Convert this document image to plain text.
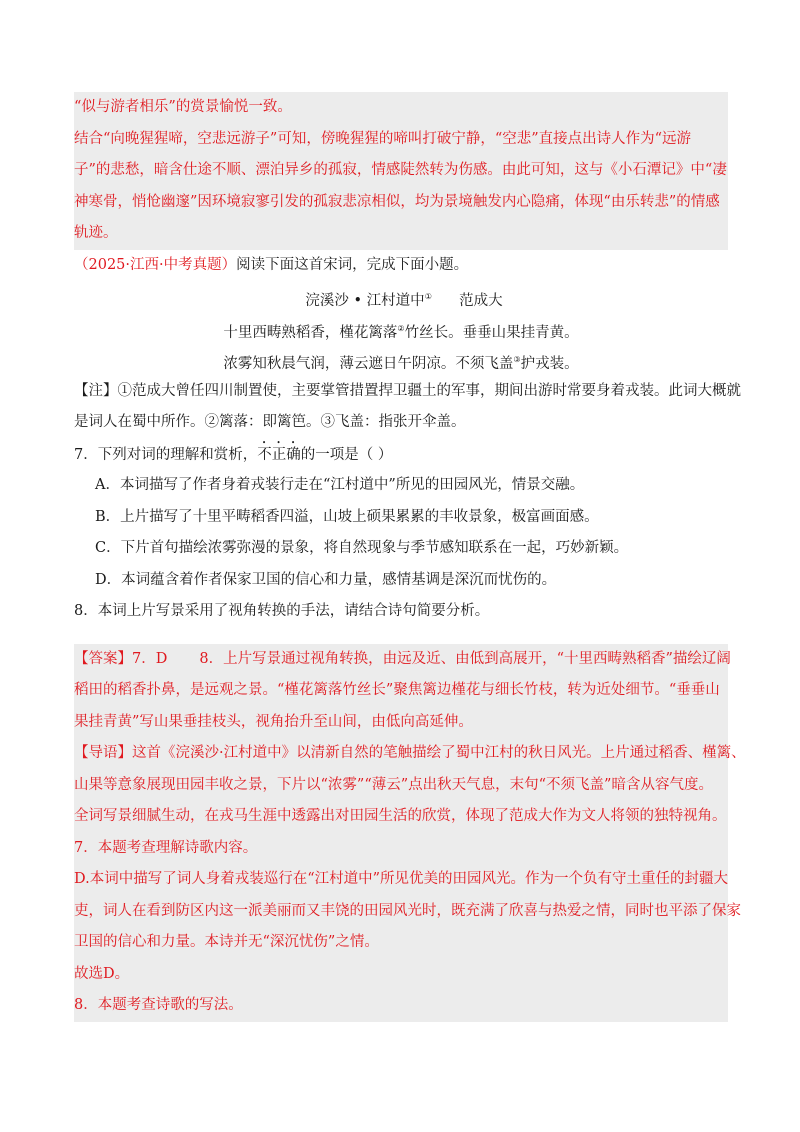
“似与游者相乐”的赏景愉悦一致。
结合“向晚猩猩啼，空悲远游子”可知，傍晚猩猩的啼叫打破宁静，“空悲”直接点出诗人作为“远游
子”的悲愁，暗含仕途不顺、漂泊异乡的孤寂，情感陡然转为伤感。由此可知，这与《小石潭记》中“凄
神寒骨，悄怆幽邃”因环境寂寥引发的孤寂悲凉相似，均为景境触发内心隐痛，体现“由乐转悲”的情感
轨迹。
（2025·江西·中考真题）阅读下面这首宋词，完成下面小题。
浣溪沙 • 江村道中① 范成大
十里西畴熟稻香，槿花篱落②竹丝长。垂垂山果挂青黄。
浓雾知秋晨气润，薄云遮日午阴凉。不须飞盖③护戎装。
【注】①范成大曾任四川制置使，主要掌管措置捍卫疆土的军事，期间出游时常要身着戎装。此词大概就
是词人在蜀中所作。②篱落：即篱笆。③飞盖：指张开伞盖。
7．下列对词的理解和赏析，不正确的一项是（ ）
A．本词描写了作者身着戎装行走在“江村道中”所见的田园风光，情景交融。
B．上片描写了十里平畴稻香四溢，山坡上硕果累累的丰收景象，极富画面感。
C．下片首句描绘浓雾弥漫的景象，将自然现象与季节感知联系在一起，巧妙新颖。
D．本词蕴含着作者保家卫国的信心和力量，感情基调是深沉而忧伤的。
8．本词上片写景采用了视角转换的手法，请结合诗句简要分析。
【答案】7．D 8．上片写景通过视角转换，由远及近、由低到高展开，“十里西畴熟稻香”描绘辽阔
稻田的稻香扑鼻，是远观之景。“槿花篱落竹丝长”聚焦篱边槿花与细长竹枝，转为近处细节。“垂垂山
果挂青黄”写山果垂挂枝头，视角抬升至山间，由低向高延伸。
【导语】这首《浣溪沙·江村道中》以清新自然的笔触描绘了蜀中江村的秋日风光。上片通过稻香、槿篱、
山果等意象展现田园丰收之景，下片以“浓雾”“薄云”点出秋天气息，末句“不须飞盖”暗含从容气度。
全词写景细腻生动，在戎马生涯中透露出对田园生活的欣赏，体现了范成大作为文人将领的独特视角。
7．本题考查理解诗歌内容。
D.本词中描写了词人身着戎装巡行在“江村道中”所见优美的田园风光。作为一个负有守土重任的封疆大
吏，词人在看到防区内这一派美丽而又丰饶的田园风光时，既充满了欣喜与热爱之情，同时也平添了保家
卫国的信心和力量。本诗并无“深沉忧伤”之情。
故选D。
8．本题考查诗歌的写法。
